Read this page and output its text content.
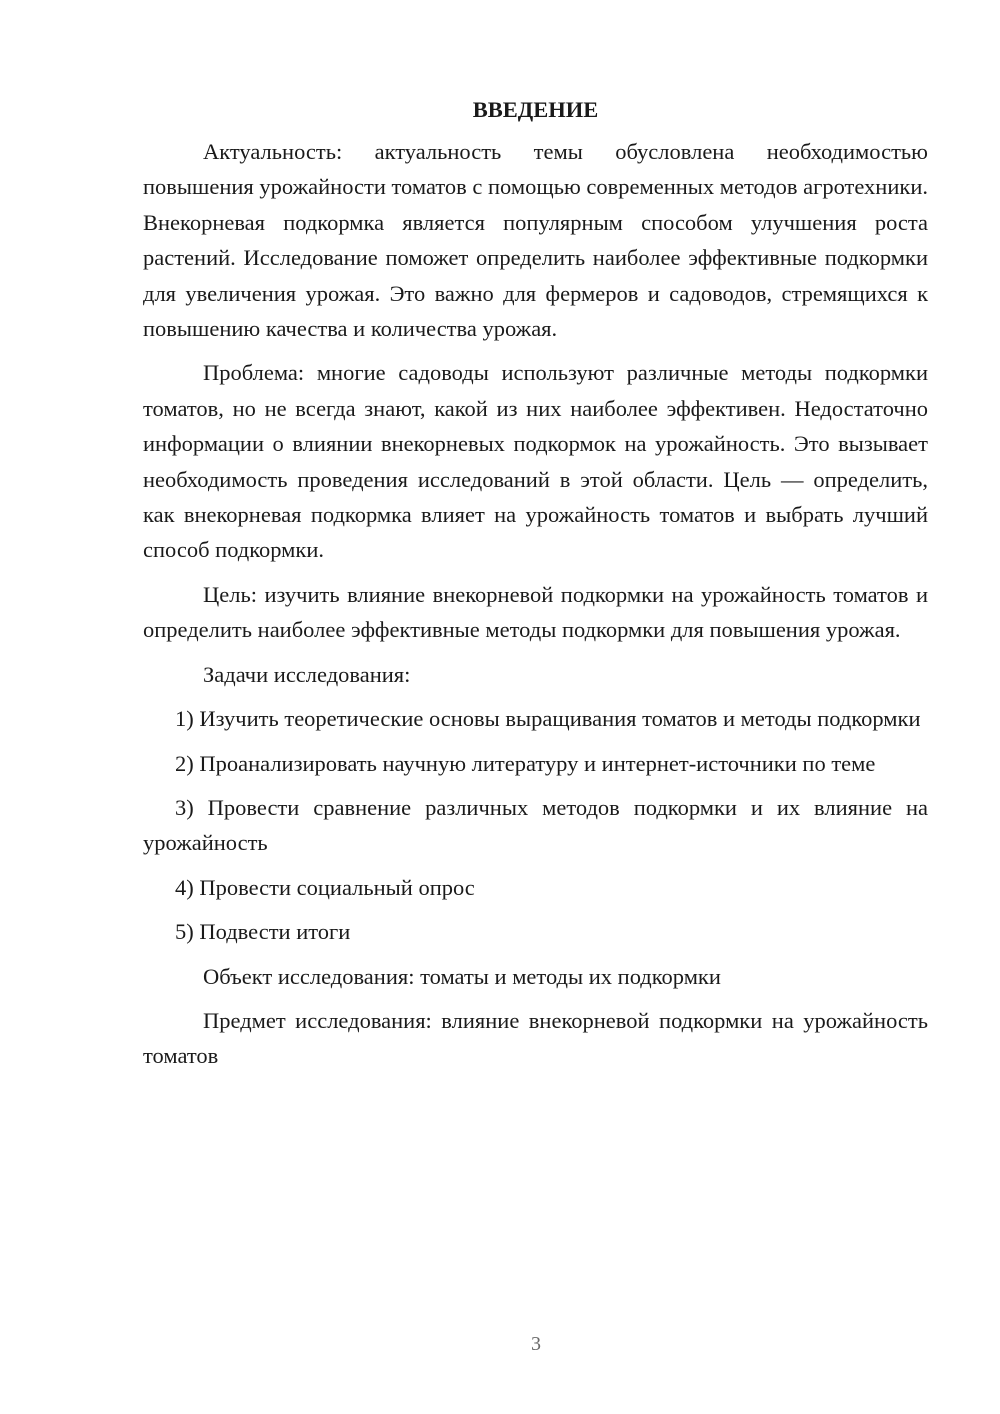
ВВЕДЕНИЕ

Актуальность: актуальность темы обусловлена необходимостью повышения урожайности томатов с помощью современных методов агротехники. Внекорневая подкормка является популярным способом улучшения роста растений. Исследование поможет определить наиболее эффективные подкормки для увеличения урожая. Это важно для фермеров и садоводов, стремящихся к повышению качества и количества урожая.

Проблема: многие садоводы используют различные методы подкормки томатов, но не всегда знают, какой из них наиболее эффективен. Недостаточно информации о влиянии внекорневых подкормок на урожайность. Это вызывает необходимость проведения исследований в этой области. Цель — определить, как внекорневая подкормка влияет на урожайность томатов и выбрать лучший способ подкормки.

Цель: изучить влияние внекорневой подкормки на урожайность томатов и определить наиболее эффективные методы подкормки для повышения урожая.

Задачи исследования:

1) Изучить теоретические основы выращивания томатов и методы подкормки

2) Проанализировать научную литературу и интернет-источники по теме

3) Провести сравнение различных методов подкормки и их влияние на урожайность

4) Провести социальный опрос

5) Подвести итоги

Объект исследования: томаты и методы их подкормки

Предмет исследования: влияние внекорневой подкормки на урожайность томатов

3
